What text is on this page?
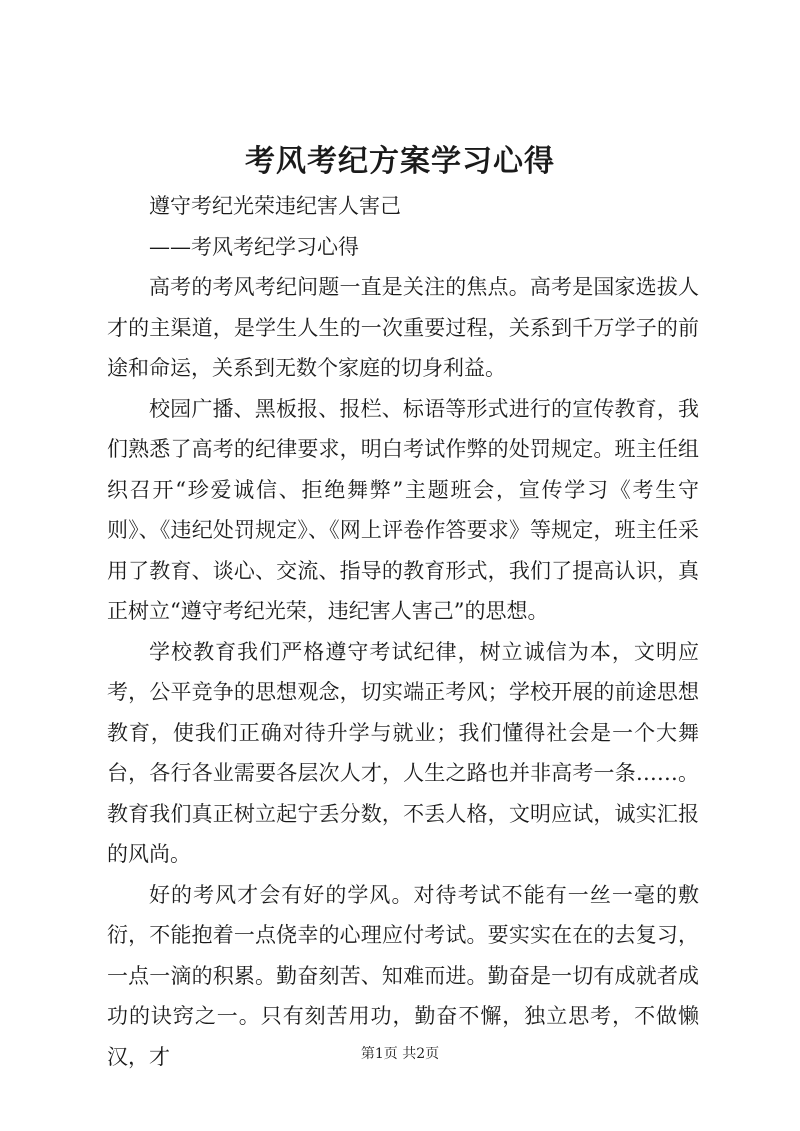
考风考纪方案学习心得

遵守考纪光荣违纪害人害己

——考风考纪学习心得

高考的考风考纪问题一直是关注的焦点。高考是国家选拔人才的主渠道，是学生人生的一次重要过程，关系到千万学子的前途和命运，关系到无数个家庭的切身利益。

校园广播、黑板报、报栏、标语等形式进行的宣传教育，我们熟悉了高考的纪律要求，明白考试作弊的处罚规定。班主任组织召开“珍爱诚信、拒绝舞弊”主题班会，宣传学习《考生守则》、《违纪处罚规定》、《网上评卷作答要求》等规定，班主任采用了教育、谈心、交流、指导的教育形式，我们了提高认识，真正树立“遵守考纪光荣，违纪害人害己”的思想。

学校教育我们严格遵守考试纪律，树立诚信为本，文明应考，公平竞争的思想观念，切实端正考风；学校开展的前途思想教育，使我们正确对待升学与就业；我们懂得社会是一个大舞台，各行各业需要各层次人才，人生之路也并非高考一条……。教育我们真正树立起宁丢分数，不丢人格，文明应试，诚实汇报的风尚。

好的考风才会有好的学风。对待考试不能有一丝一毫的敷衍，不能抱着一点侥幸的心理应付考试。要实实在在的去复习，一点一滴的积累。勤奋刻苦、知难而进。勤奋是一切有成就者成功的诀窍之一。只有刻苦用功，勤奋不懈，独立思考，不做懒汉，才	第1页 共2页
